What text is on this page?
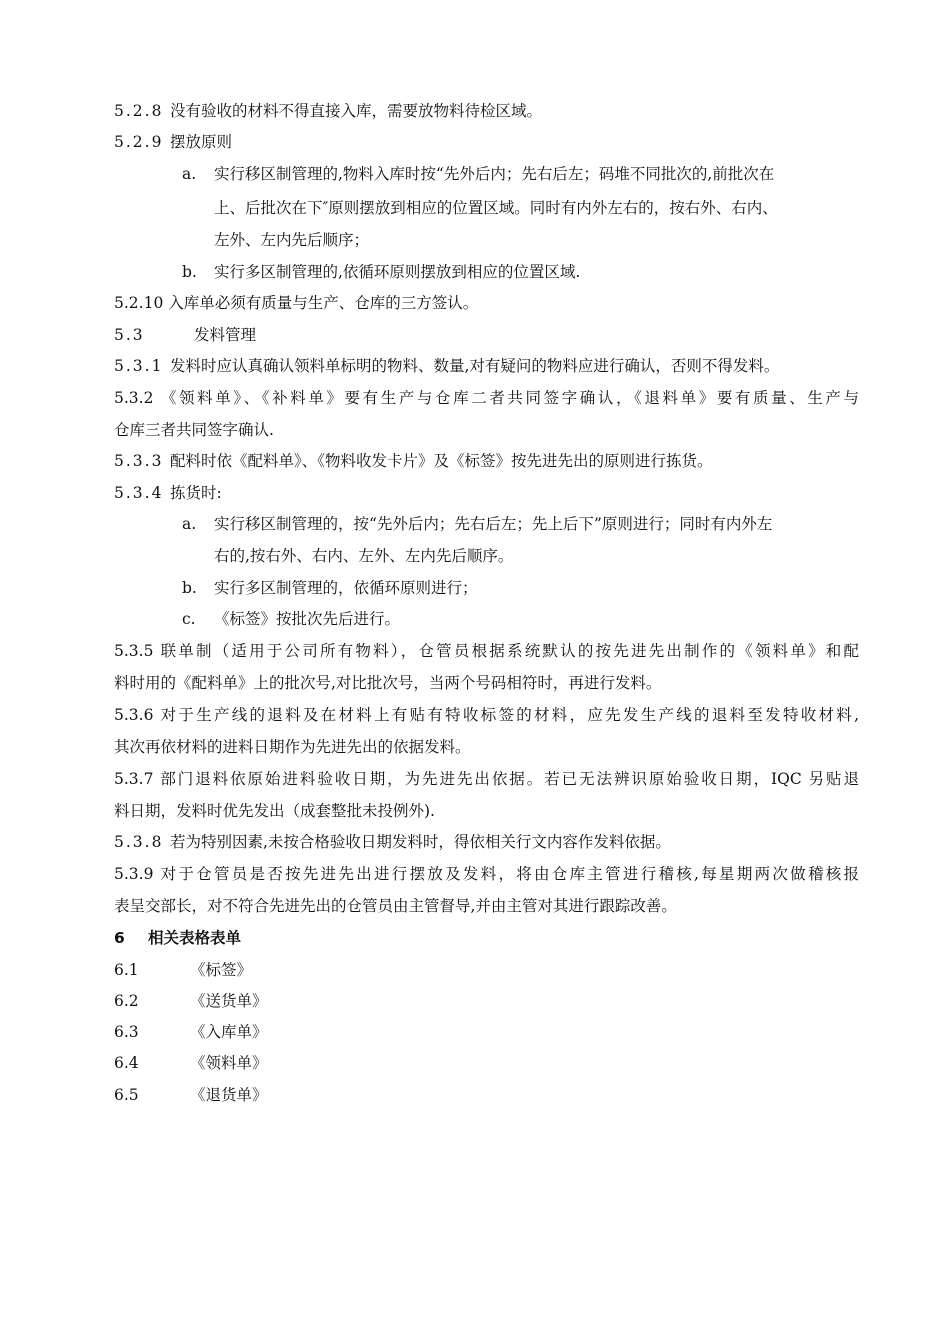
5.2.8 没有验收的材料不得直接入库，需要放物料待检区域。
5.2.9 摆放原则
a. 实行移区制管理的,物料入库时按“先外后内；先右后左；码堆不同批次的,前批次在
上、后批次在下″原则摆放到相应的位置区域。同时有内外左右的，按右外、右内、
左外、左内先后顺序；
b. 实行多区制管理的,依循环原则摆放到相应的位置区域.
5.2.10 入库单必须有质量与生产、仓库的三方签认。
5.3	发料管理
5.3.1 发料时应认真确认领料单标明的物料、数量,对有疑问的物料应进行确认，否则不得发料。
5.3.2 《领料单》、《补料单》要有生产与仓库二者共同签字确认，《退料单》要有质量、生产与
仓库三者共同签字确认.
5.3.3 配料时依《配料单》、《物料收发卡片》及《标签》按先进先出的原则进行拣货。
5.3.4 拣货时:
a. 实行移区制管理的，按“先外后内；先右后左；先上后下”原则进行；同时有内外左
右的,按右外、右内、左外、左内先后顺序。
b. 实行多区制管理的，依循环原则进行；
c. 《标签》按批次先后进行。
5.3.5 联单制（适用于公司所有物料），仓管员根据系统默认的按先进先出制作的《领料单》和配
料时用的《配料单》上的批次号,对比批次号，当两个号码相符时，再进行发料。
5.3.6 对于生产线的退料及在材料上有贴有特收标签的材料，应先发生产线的退料至发特收材料,
其次再依材料的进料日期作为先进先出的依据发料。
5.3.7 部门退料依原始进料验收日期，为先进先出依据。若已无法辨识原始验收日期，IQC 另贴退
料日期，发料时优先发出（成套整批未投例外).
5.3.8 若为特别因素,未按合格验收日期发料时，得依相关行文内容作发料依据。
5.3.9 对于仓管员是否按先进先出进行摆放及发料，将由仓库主管进行稽核,每星期两次做稽核报
表呈交部长，对不符合先进先出的仓管员由主管督导,并由主管对其进行跟踪改善。
6 相关表格表单
6.1	《标签》
6.2	《送货单》
6.3	《入库单》
6.4	《领料单》
6.5	《退货单》
